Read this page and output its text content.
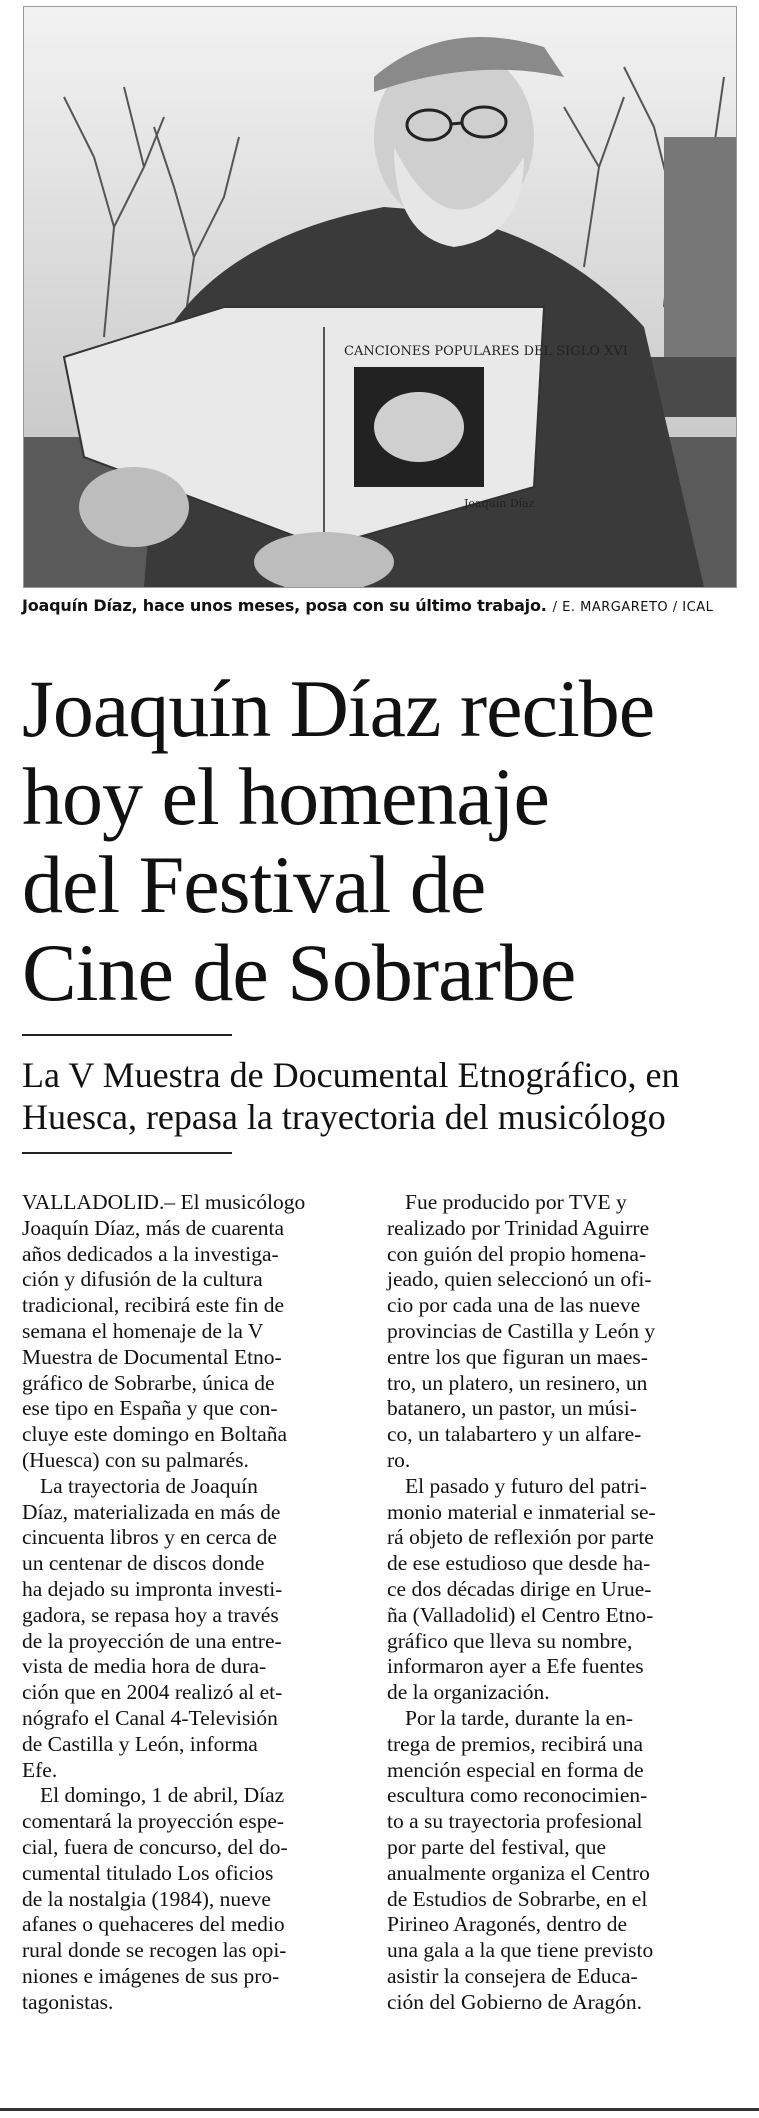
CANCIONES POPULARES DEL SIGLO XVI
Joaquín Díaz
Joaquín Díaz, hace unos meses, posa con su último trabajo. / E. MARGARETO / ICAL
Joaquín Díaz recibe
hoy el homenaje
del Festival de
Cine de Sobrarbe
La V Muestra de Documental Etnográfico, en
Huesca, repasa la trayectoria del musicólogo
VALLADOLID.– El musicólogo
Joaquín Díaz, más de cuarenta
años dedicados a la investiga-
ción y difusión de la cultura
tradicional, recibirá este fin de
semana el homenaje de la V
Muestra de Documental Etno-
gráfico de Sobrarbe, única de
ese tipo en España y que con-
cluye este domingo en Boltaña
(Huesca) con su palmarés.
La trayectoria de Joaquín
Díaz, materializada en más de
cincuenta libros y en cerca de
un centenar de discos donde
ha dejado su impronta investi-
gadora, se repasa hoy a través
de la proyección de una entre-
vista de media hora de dura-
ción que en 2004 realizó al et-
nógrafo el Canal 4-Televisión
de Castilla y León, informa
Efe.
El domingo, 1 de abril, Díaz
comentará la proyección espe-
cial, fuera de concurso, del do-
cumental titulado Los oficios
de la nostalgia (1984), nueve
afanes o quehaceres del medio
rural donde se recogen las opi-
niones e imágenes de sus pro-
tagonistas.
Fue producido por TVE y
realizado por Trinidad Aguirre
con guión del propio homena-
jeado, quien seleccionó un ofi-
cio por cada una de las nueve
provincias de Castilla y León y
entre los que figuran un maes-
tro, un platero, un resinero, un
batanero, un pastor, un músi-
co, un talabartero y un alfare-
ro.
El pasado y futuro del patri-
monio material e inmaterial se-
rá objeto de reflexión por parte
de ese estudioso que desde ha-
ce dos décadas dirige en Urue-
ña (Valladolid) el Centro Etno-
gráfico que lleva su nombre,
informaron ayer a Efe fuentes
de la organización.
Por la tarde, durante la en-
trega de premios, recibirá una
mención especial en forma de
escultura como reconocimien-
to a su trayectoria profesional
por parte del festival, que
anualmente organiza el Centro
de Estudios de Sobrarbe, en el
Pirineo Aragonés, dentro de
una gala a la que tiene previsto
asistir la consejera de Educa-
ción del Gobierno de Aragón.
